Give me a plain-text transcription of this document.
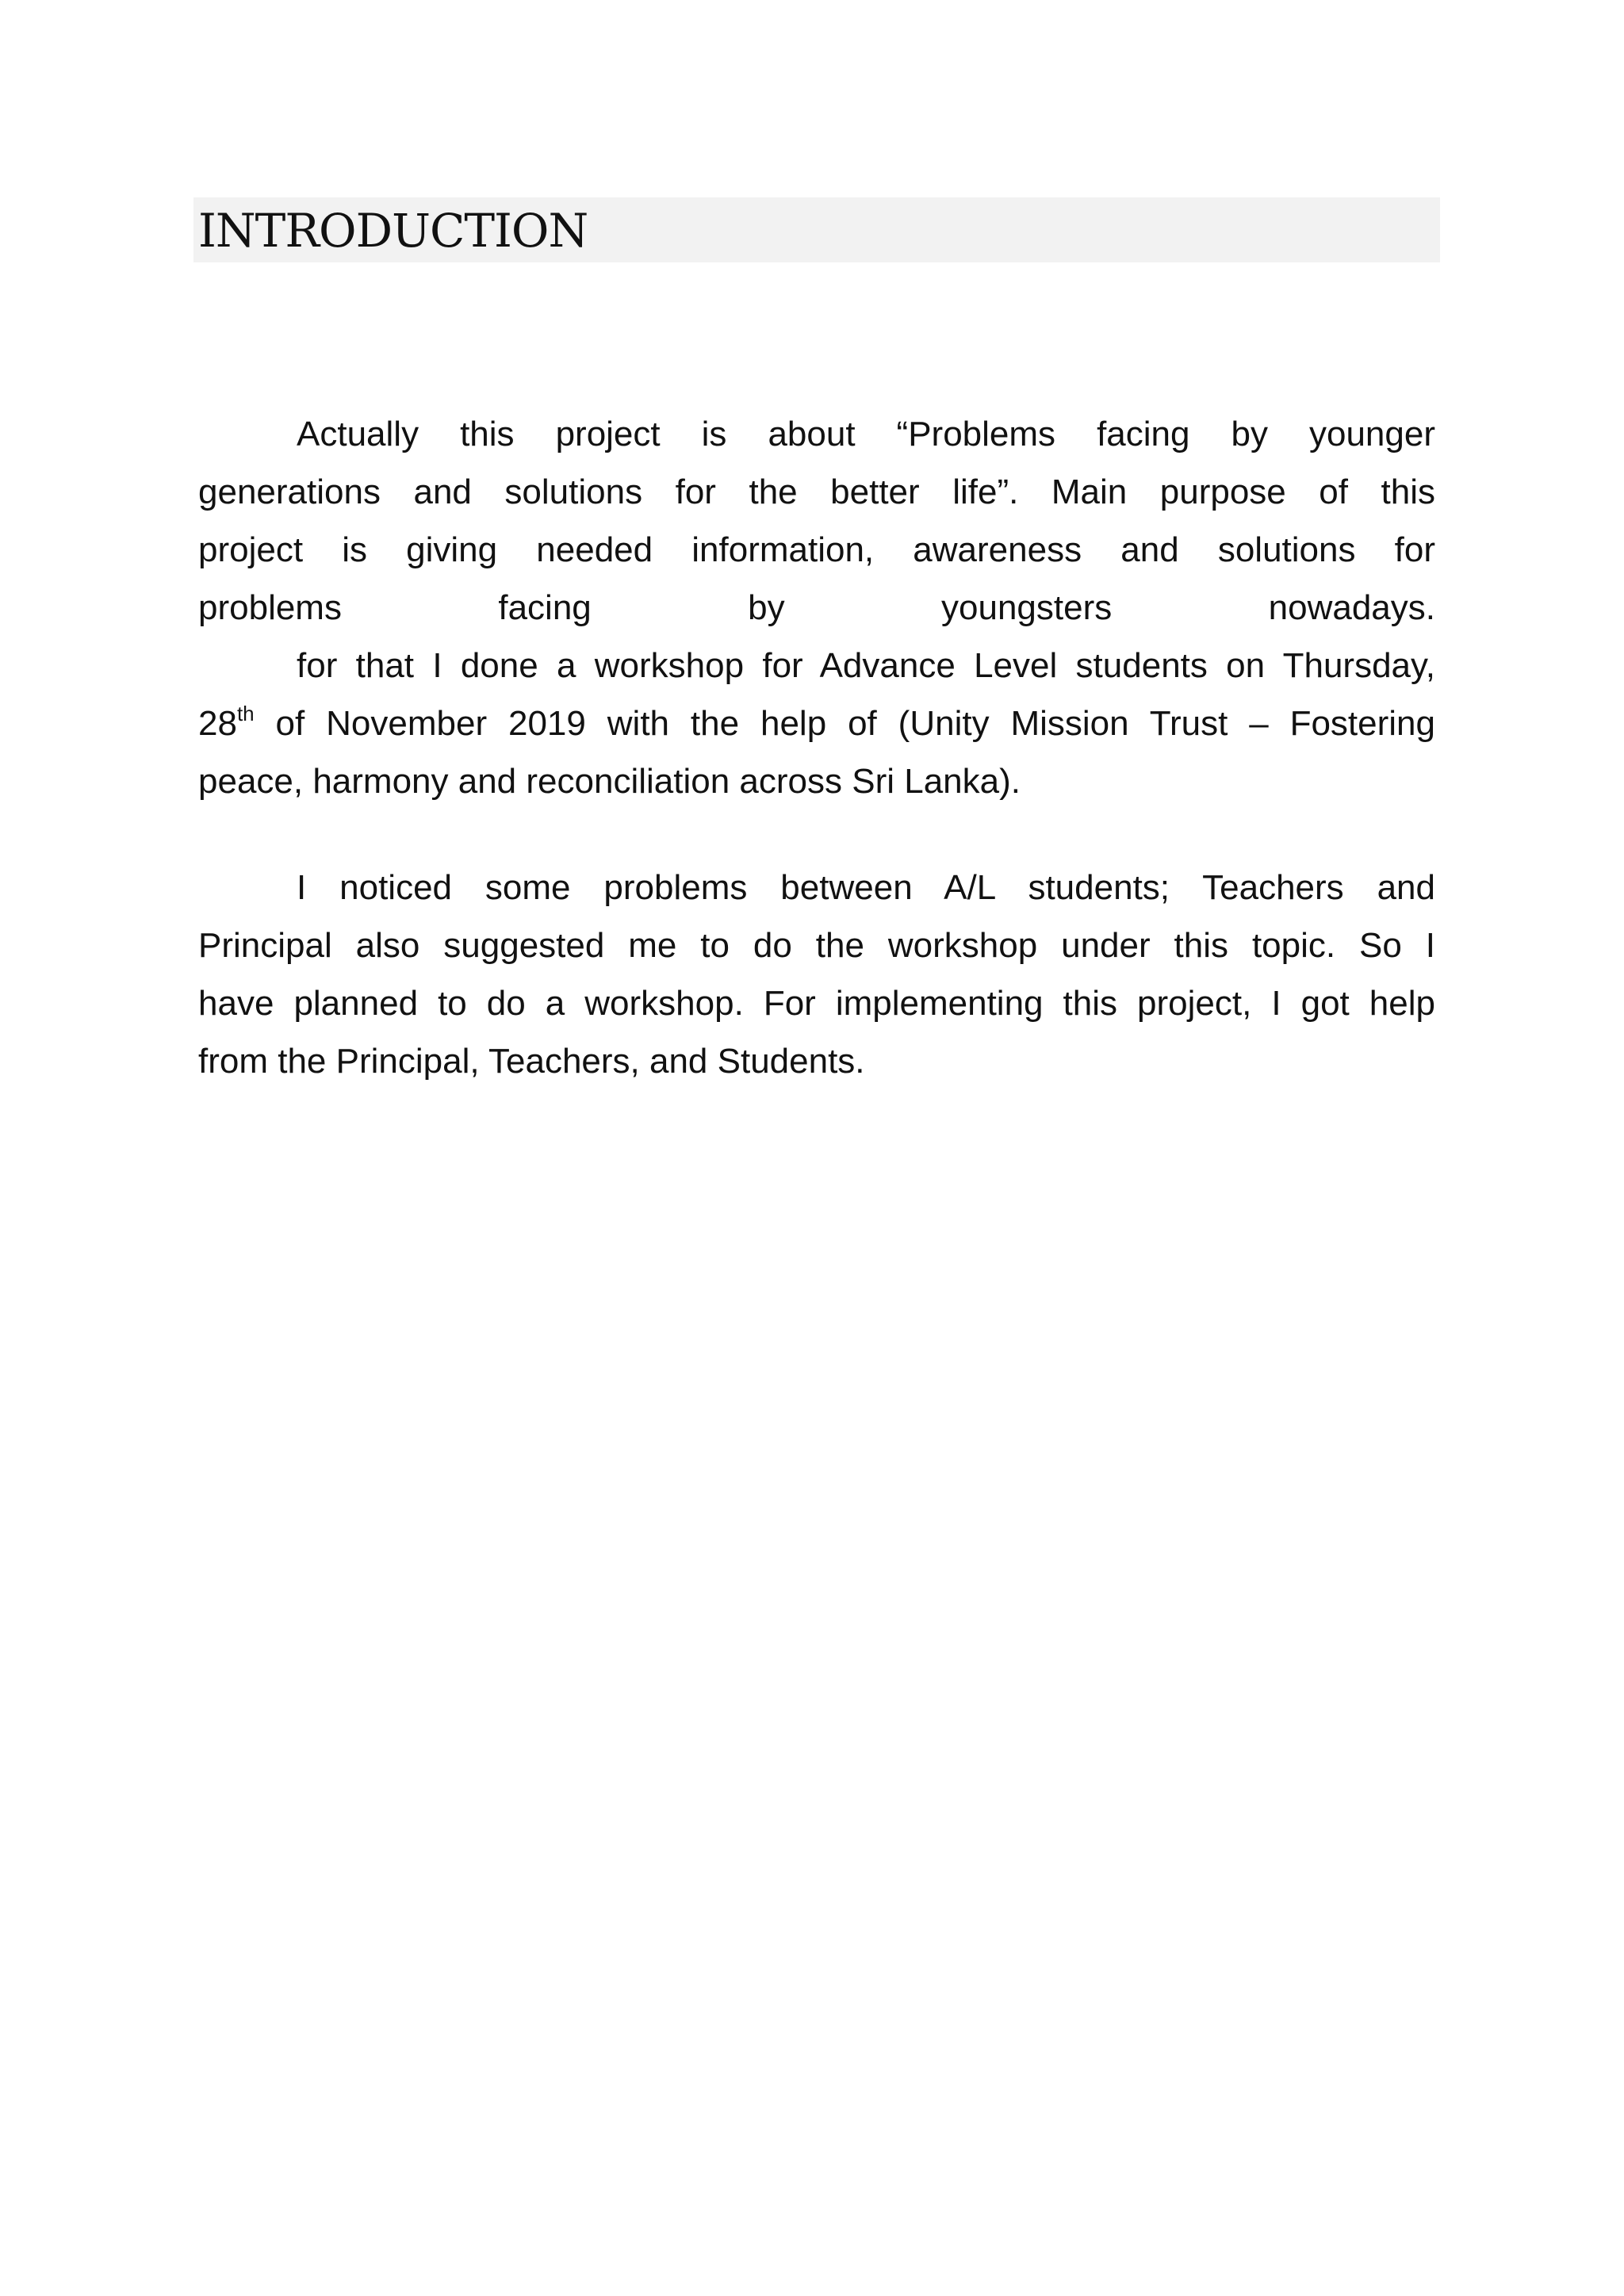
INTRODUCTION
Actually this project is about “Problems facing by younger
generations and solutions for the better life”. Main purpose of this
project is giving needed information, awareness and solutions for
problems facing by youngsters nowadays.
for that I done a workshop for Advance Level students on Thursday,
28th of November 2019 with the help of (Unity Mission Trust – Fostering
peace, harmony and reconciliation across Sri Lanka).
I noticed some problems between A/L students; Teachers and
Principal also suggested me to do the workshop under this topic. So I
have planned to do a workshop. For implementing this project, I got help
from the Principal, Teachers, and Students.
